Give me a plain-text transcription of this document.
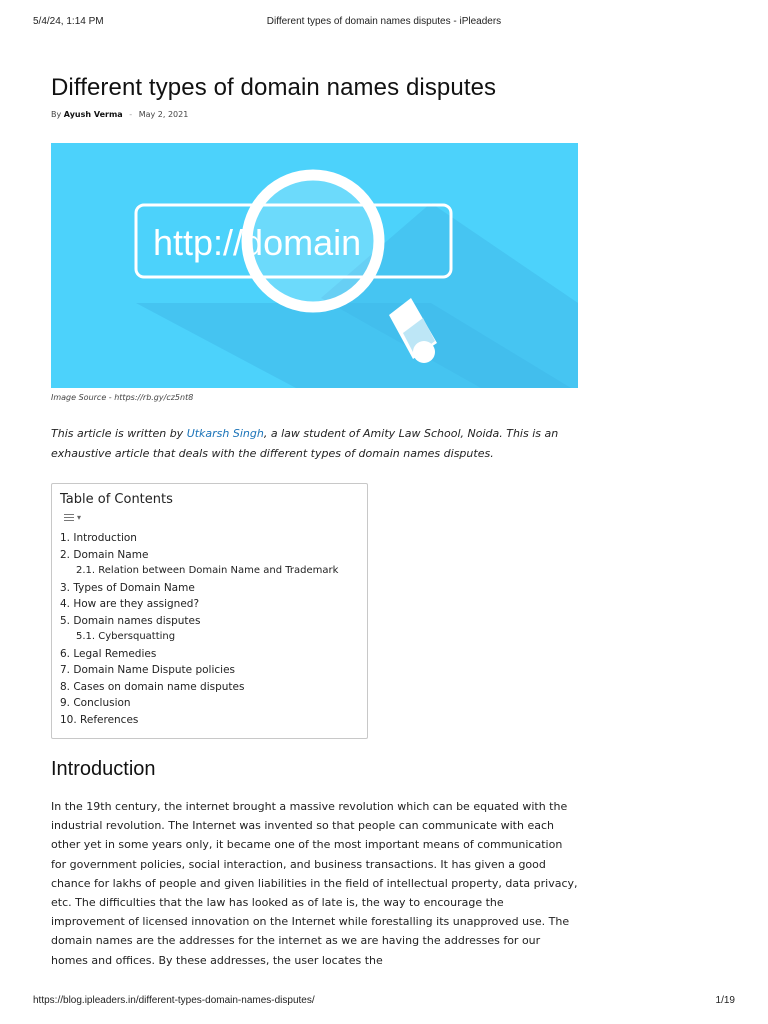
5/4/24, 1:14 PM	Different types of domain names disputes - iPleaders
Different types of domain names disputes
By Ayush Verma - May 2, 2021
http://domain
Image Source - https://rb.gy/cz5nt8

This article is written by Utkarsh Singh, a law student of Amity Law School, Noida. This is an exhaustive article that deals with the different types of domain names disputes.

Table of Contents
▾
1. Introduction
2. Domain Name
2.1. Relation between Domain Name and Trademark
3. Types of Domain Name
4. How are they assigned?
5. Domain names disputes
5.1. Cybersquatting
6. Legal Remedies
7. Domain Name Dispute policies
8. Cases on domain name disputes
9. Conclusion
10. References
Introduction

In the 19th century, the internet brought a massive revolution which can be equated with the industrial revolution. The Internet was invented so that people can communicate with each other yet in some years only, it became one of the most important means of communication for government policies, social interaction, and business transactions. It has given a good chance for lakhs of people and given liabilities in the field of intellectual property, data privacy, etc. The difficulties that the law has looked as of late is, the way to encourage the improvement of licensed innovation on the Internet while forestalling its unapproved use. The domain names are the addresses for the internet as we are having the addresses for our homes and offices. By these addresses, the user locates the

https://blog.ipleaders.in/different-types-domain-names-disputes/	1/19
